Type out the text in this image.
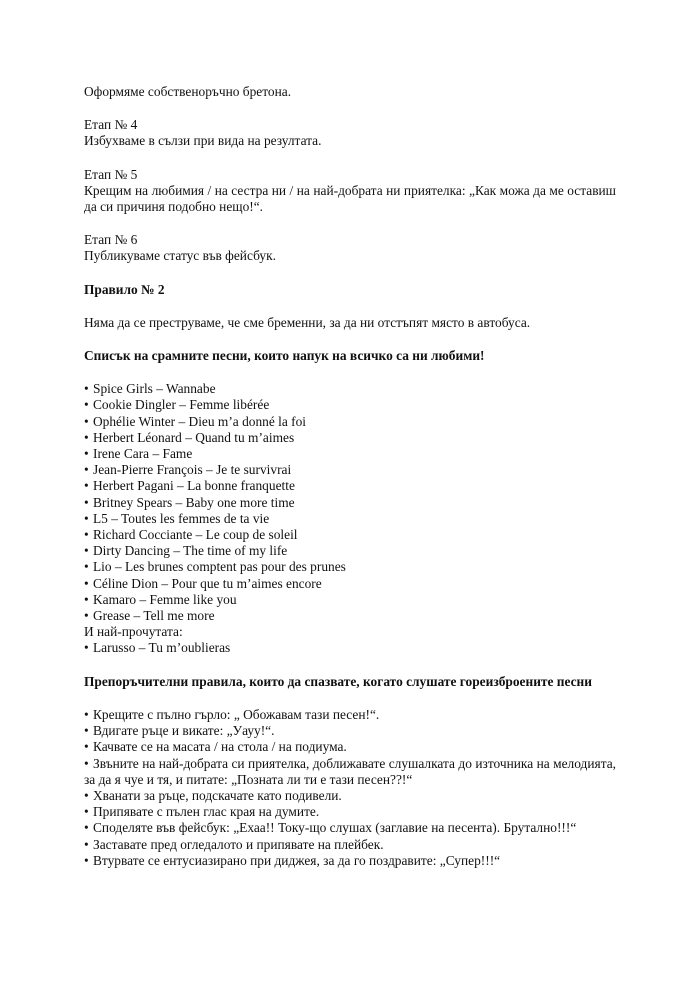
Оформяме собственоръчно бретона.

Етап № 4

Избухваме в сълзи при вида на резултата.

Етап № 5

Крещим на любимия / на сестра ни / на най-добрата ни приятелка: „Как можа да ме оставиш да си причиня подобно нещо!“.

Етап № 6

Публикуваме статус във фейсбук.

Правило № 2

Няма да се преструваме, че сме бременни, за да ни отстъпят място в автобуса.

Списък на срамните песни, които напук на всичко са ни любими!

• Spice Girls – Wannabe
• Cookie Dingler – Femme libérée
• Ophélie Winter – Dieu m’a donné la foi
• Herbert Léonard – Quand tu m’aimes
• Irene Cara – Fame
• Jean-Pierre François – Je te survivrai
• Herbert Pagani – La bonne franquette
• Britney Spears – Baby one more time
• L5 – Toutes les femmes de ta vie
• Richard Cocciante – Le coup de soleil
• Dirty Dancing – The time of my life
• Lio – Les brunes comptent pas pour des prunes
• Céline Dion – Pour que tu m’aimes encore
• Kamaro – Femme like you
• Grease – Tell me more

И най-прочутата:

• Larusso – Tu m’oublieras

Препоръчителни правила, които да спазвате, когато слушате гореизброените песни

• Крещите с пълно гърло: „ Обожавам тази песен!“.
• Вдигате ръце и викате: „Уауу!“.
• Качвате се на масата / на стола / на подиума.
• Звъните на най-добрата си приятелка, доближавате слушалката до източника на мелодията, за да я чуе и тя, и питате: „Позната ли ти е тази песен??!“
• Хванати за ръце, подскачате като подивели.
• Припявате с пълен глас края на думите.
• Споделяте във фейсбук: „Ехаа!! Току-що слушах (заглавие на песента). Брутално!!!“
• Заставате пред огледалото и припявате на плейбек.
• Втурвате се ентусиазирано при диджея, за да го поздравите: „Супер!!!“
